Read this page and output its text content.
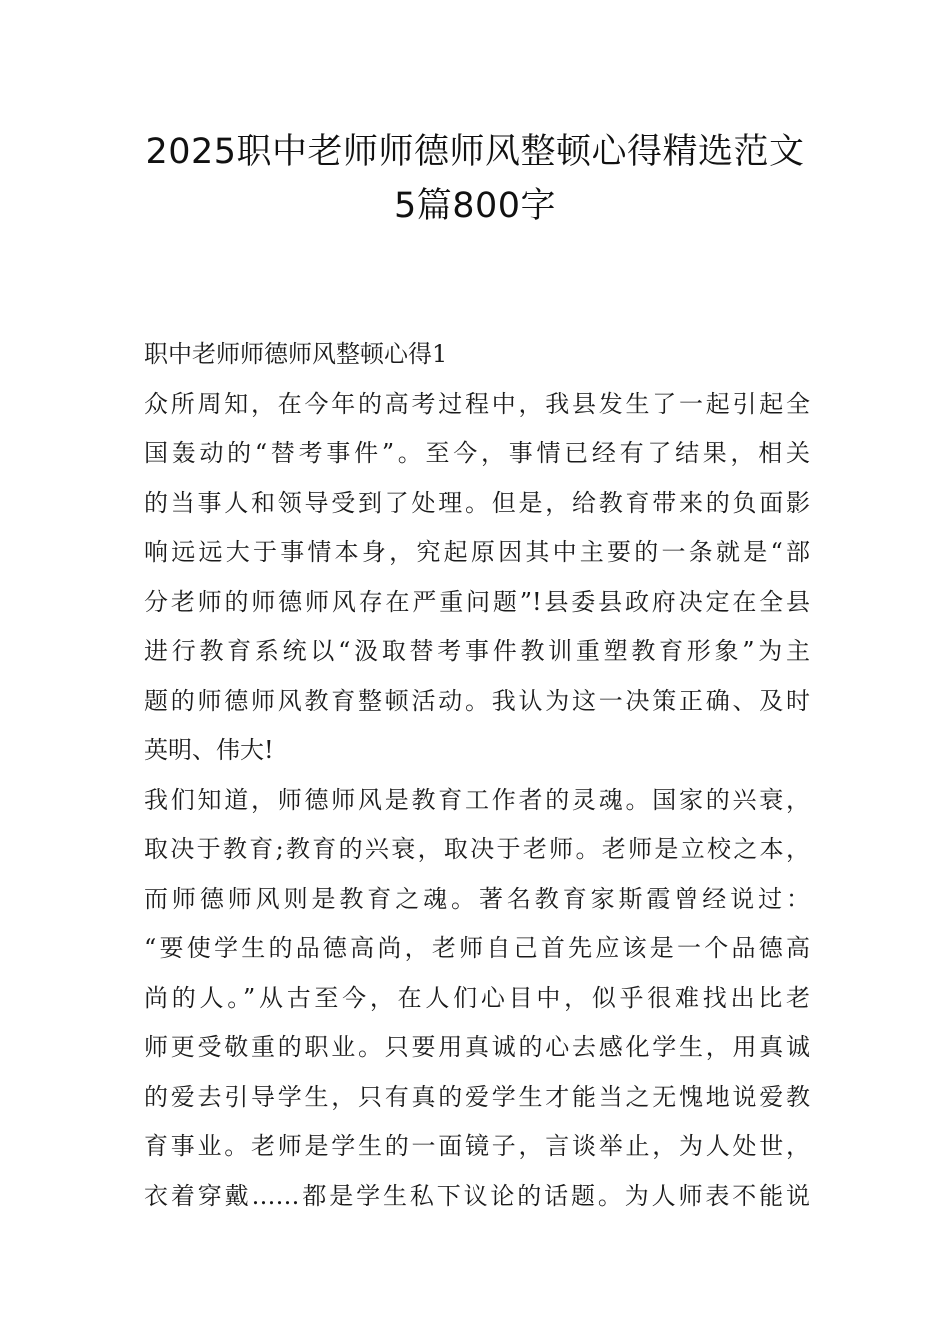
2025职中老师师德师风整顿心得精选范文
5篇800字
职中老师师德师风整顿心得1
众所周知，在今年的高考过程中，我县发生了一起引起全
国轰动的“替考事件”。至今，事情已经有了结果，相关
的当事人和领导受到了处理。但是，给教育带来的负面影
响远远大于事情本身，究起原因其中主要的一条就是“部
分老师的师德师风存在严重问题”!县委县政府决定在全县
进行教育系统以“汲取替考事件教训重塑教育形象”为主
题的师德师风教育整顿活动。我认为这一决策正确、及时
英明、伟大!
我们知道，师德师风是教育工作者的灵魂。国家的兴衰，
取决于教育;教育的兴衰，取决于老师。老师是立校之本，
而师德师风则是教育之魂。著名教育家斯霞曾经说过：
“要使学生的品德高尚，老师自己首先应该是一个品德高
尚的人。”从古至今，在人们心目中，似乎很难找出比老
师更受敬重的职业。只要用真诚的心去感化学生，用真诚
的爱去引导学生，只有真的爱学生才能当之无愧地说爱教
育事业。老师是学生的一面镜子，言谈举止，为人处世，
衣着穿戴……都是学生私下议论的话题。为人师表不能说
